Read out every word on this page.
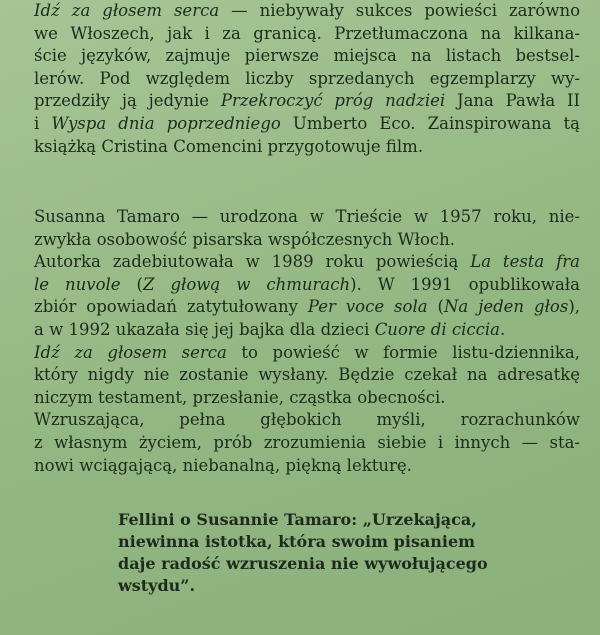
Idź za głosem serca — niebywały sukces powieści zarówno
we Włoszech, jak i za granicą. Przetłumaczona na kilkana-
ście języków, zajmuje pierwsze miejsca na listach bestsel-
lerów. Pod względem liczby sprzedanych egzemplarzy wy-
przedziły ją jedynie Przekroczyć próg nadziei Jana Pawła II
i Wyspa dnia poprzedniego Umberto Eco. Zainspirowana tą
książką Cristina Comencini przygotowuje film.
Susanna Tamaro — urodzona w Trieście w 1957 roku, nie-
zwykła osobowość pisarska współczesnych Włoch.
Autorka zadebiutowała w 1989 roku powieścią La testa fra
le nuvole (Z głową w chmurach). W 1991 opublikowała
zbiór opowiadań zatytułowany Per voce sola (Na jeden głos),
a w 1992 ukazała się jej bajka dla dzieci Cuore di ciccia.
Idź za głosem serca to powieść w formie listu-dziennika,
który nigdy nie zostanie wysłany. Będzie czekał na adresatkę
niczym testament, przesłanie, cząstka obecności.
Wzruszająca, pełna głębokich myśli, rozrachunków
z własnym życiem, prób zrozumienia siebie i innych — sta-
nowi wciągającą, niebanalną, piękną lekturę.
Fellini o Susannie Tamaro: „Urzekająca,
niewinna istotka, która swoim pisaniem
daje radość wzruszenia nie wywołującego
wstydu”.
